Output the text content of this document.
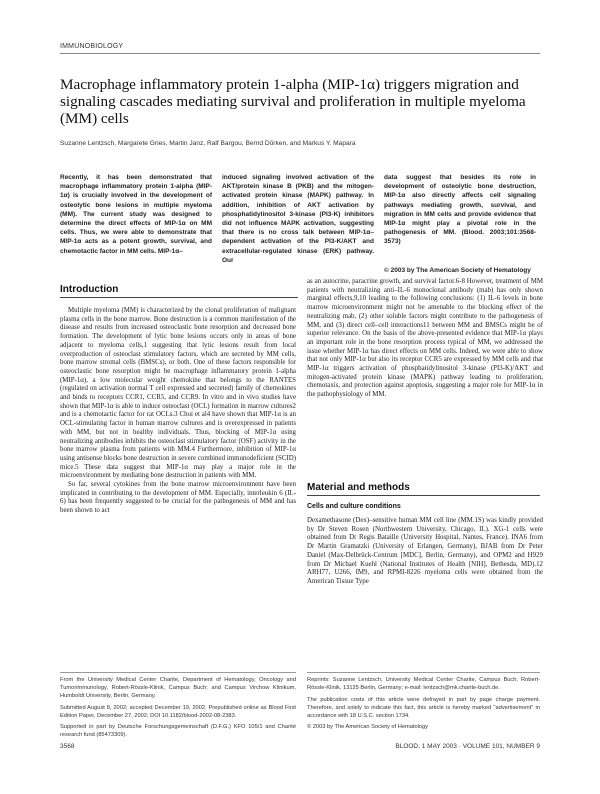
IMMUNOBIOLOGY
Macrophage inflammatory protein 1-alpha (MIP-1α) triggers migration and signaling cascades mediating survival and proliferation in multiple myeloma (MM) cells
Suzanne Lentzsch, Margarete Gries, Martin Janz, Ralf Bargou, Bernd Dörken, and Markus Y. Mapara
Recently, it has been demonstrated that macrophage inflammatory protein 1-alpha (MIP-1α) is crucially involved in the development of osteolytic bone lesions in multiple myeloma (MM). The current study was designed to determine the direct effects of MIP-1α on MM cells. Thus, we were able to demonstrate that MIP-1α acts as a potent growth, survival, and chemotactic factor in MM cells. MIP-1α–
induced signaling involved activation of the AKT/protein kinase B (PKB) and the mitogen-activated protein kinase (MAPK) pathway. In addition, inhibition of AKT activation by phosphatidylinositol 3-kinase (PI3-K) inhibitors did not influence MAPK activation, suggesting that there is no cross talk between MIP-1α–dependent activation of the PI3-K/AKT and extracellular-regulated kinase (ERK) pathway. Our
data suggest that besides its role in development of osteolytic bone destruction, MIP-1α also directly affects cell signaling pathways mediating growth, survival, and migration in MM cells and provide evidence that MIP-1α might play a pivotal role in the pathogenesis of MM. (Blood. 2003;101:3568-3573)
© 2003 by The American Society of Hematology
Introduction

Multiple myeloma (MM) is characterized by the clonal proliferation of malignant plasma cells in the bone marrow. Bone destruction is a common manifestation of the disease and results from increased osteoclastic bone resorption and decreased bone formation. The development of lytic bone lesions occurs only in areas of bone adjacent to myeloma cells,1 suggesting that lytic lesions result from local overproduction of osteoclast stimulatory factors, which are secreted by MM cells, bone marrow stromal cells (BMSCs), or both. One of these factors responsible for osteoclastic bone resorption might be macrophage inflammatory protein 1-alpha (MIP-1α), a low molecular weight chemokine that belongs to the RANTES (regulated on activation normal T cell expressed and secreted) family of chemokines and binds to receptors CCR1, CCR5, and CCR9. In vitro and in vivo studies have shown that MIP-1α is able to induce osteoclast (OCL) formation in marrow cultures2 and is a chemotactic factor for rat OCLs.3 Choi et al4 have shown that MIP-1α is an OCL-stimulating factor in human marrow cultures and is overexpressed in patients with MM, but not in healthy individuals. Thus, blocking of MIP-1α using neutralizing antibodies inhibits the osteoclast stimulatory factor (OSF) activity in the bone marrow plasma from patients with MM.4 Furthermore, inhibition of MIP-1α using antisense blocks bone destruction in severe combined immunodeficient (SCID) mice.5 These data suggest that MIP-1α may play a major role in the microenvironment by mediating bone destruction in patients with MM.

So far, several cytokines from the bone marrow microenvironment have been implicated in contributing to the development of MM. Especially, interleukin 6 (IL-6) has been frequently suggested to be crucial for the pathogenesis of MM and has been shown to act

as an autocrine, paracrine growth, and survival factor.6-8 However, treatment of MM patients with neutralizing anti–IL-6 monoclonal antibody (mab) has only shown marginal effects,9,10 leading to the following conclusions: (1) IL-6 levels in bone marrow microenvironment might not be amenable to the blocking effect of the neutralizing mab, (2) other soluble factors might contribute to the pathogenesis of MM, and (3) direct cell–cell interactions11 between MM and BMSCs might be of superior relevance. On the basis of the above-presented evidence that MIP-1α plays an important role in the bone resorption process typical of MM, we addressed the issue whether MIP-1α has direct effects on MM cells. Indeed, we were able to show that not only MIP-1α but also its receptor CCR5 are expressed by MM cells and that MIP-1α triggers activation of phosphatidylinositol 3-kinase (PI3-K)/AKT and mitogen-activated protein kinase (MAPK) pathway leading to proliferation, chemotaxis, and protection against apoptosis, suggesting a major role for MIP-1α in the pathophysiology of MM.

Material and methods
Cells and culture conditions

Dexamethasone (Dex)–sensitive human MM cell line (MM.1S) was kindly provided by Dr Steven Rosen (Northwestern University, Chicago, IL). XG-1 cells were obtained from Dr Regis Bataille (University Hospital, Nantes, France). INA6 from Dr Martin Gramatzki (University of Erlangen, Germany), BJAB from Dr Peter Daniel (Max-Delbrück-Centrum [MDC], Berlin, Germany), and OPM2 and H929 from Dr Michael Kuehl (National Institutes of Health [NIH], Bethesda, MD).12 ARH77, U266, IM9, and RPMI-8226 myeloma cells were obtained from the American Tissue Type

From the University Medical Center Charite, Department of Hematology, Oncology and Tumorimmunology, Robert-Rössle-Klinik, Campus Buch; and Campus Virchow Klinikum, Humboldt University, Berlin, Germany.

Submitted August 8, 2002; accepted December 19, 2002. Prepublished online as Blood First Edition Paper, December 27, 2002; DOI 10.1182/blood-2002-08-2383.

Supported in part by Deutsche Forschungsgemeinschaft (D.F.G.) KFO 105/1 and Charité research fund (85473309).

Reprints: Suzanne Lentzsch, University Medical Center Charite, Campus Buch, Robert-Rössle-Klinik, 13125 Berlin, Germany; e-mail: lentzsch@mk.charite-buch.de.

The publication costs of this article were defrayed in part by page charge payment. Therefore, and solely to indicate this fact, this article is hereby marked "advertisement" in accordance with 18 U.S.C. section 1734.

© 2003 by The American Society of Hematology

3568	BLOOD, 1 MAY 2003 · VOLUME 101, NUMBER 9
